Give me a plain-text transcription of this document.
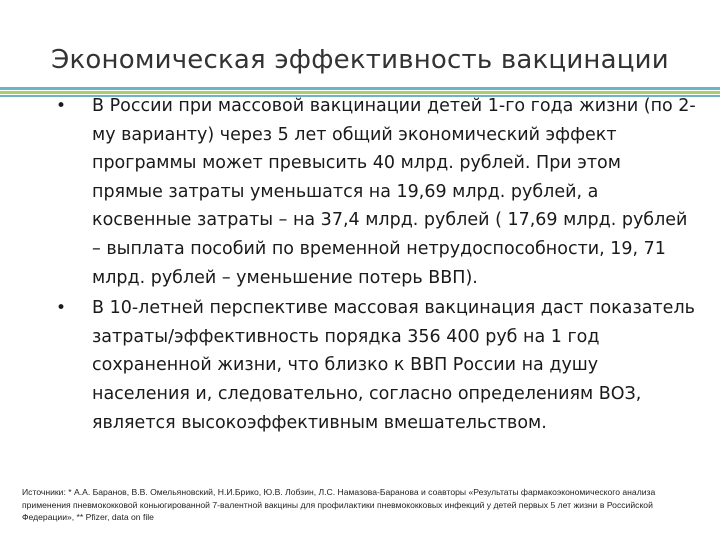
Экономическая эффективность вакцинации
•	В России при массовой вакцинации детей 1-го года жизни (по 2-му варианту) через 5 лет общий экономический эффект программы может превысить 40 млрд. рублей. При этом прямые затраты уменьшатся на 19,69 млрд. рублей, а косвенные затраты – на 37,4 млрд. рублей ( 17,69 млрд. рублей – выплата пособий по временной нетрудоспособности, 19, 71 млрд. рублей – уменьшение потерь ВВП).
•	В 10-летней перспективе массовая вакцинация даст показатель затраты/эффективность порядка 356 400 руб на 1 год сохраненной жизни, что близко к ВВП России на душу населения и, следовательно, согласно определениям ВОЗ, является высокоэффективным вмешательством.
Источники: * А.А. Баранов, В.В. Омельяновский, Н.И.Брико, Ю.В. Лобзин, Л.С. Намазова-Баранова и соавторы «Результаты фармакоэкономического анализа применения пневмококковой коньюгированной 7-валентной вакцины для профилактики пневмококковых инфекций у детей первых 5 лет жизни в Российской Федерации», ** Pfizer, data on file
